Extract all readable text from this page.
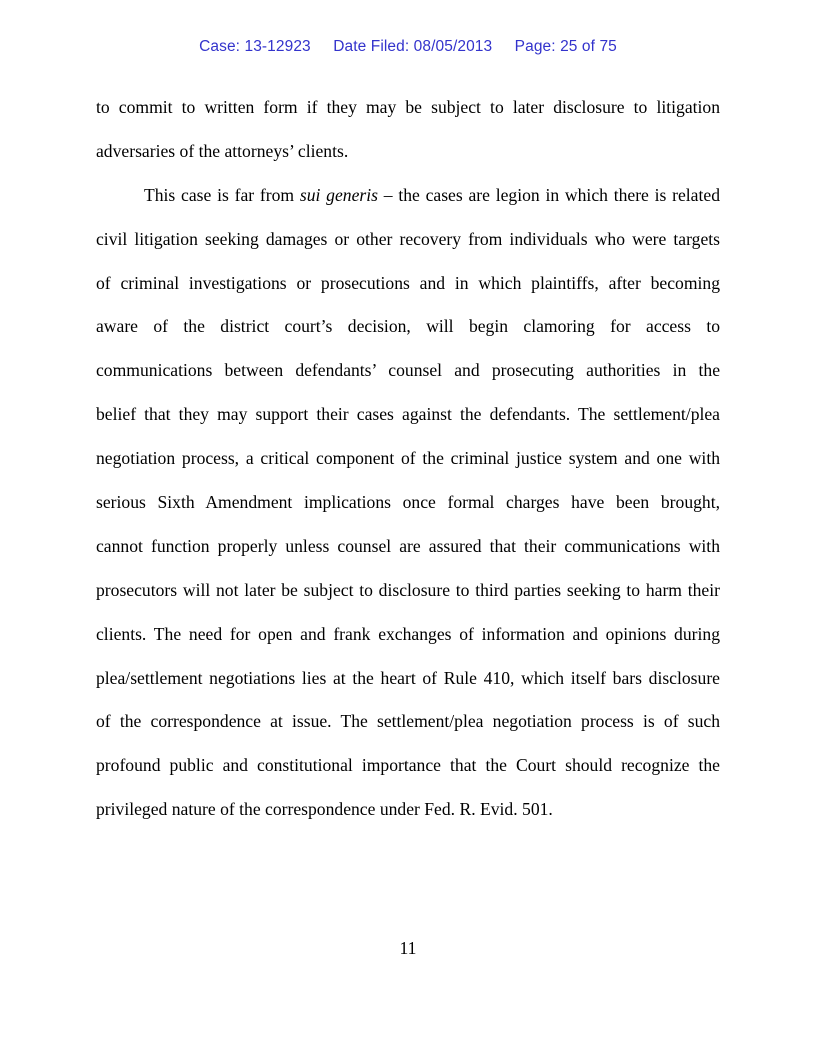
Case: 13-12923 Date Filed: 08/05/2013 Page: 25 of 75
to commit to written form if they may be subject to later disclosure to litigation
adversaries of the attorneys’ clients.
This case is far from sui generis – the cases are legion in which there is related
civil litigation seeking damages or other recovery from individuals who were targets
of criminal investigations or prosecutions and in which plaintiffs, after becoming
aware of the district court’s decision, will begin clamoring for access to
communications between defendants’ counsel and prosecuting authorities in the
belief that they may support their cases against the defendants. The settlement/plea
negotiation process, a critical component of the criminal justice system and one with
serious Sixth Amendment implications once formal charges have been brought,
cannot function properly unless counsel are assured that their communications with
prosecutors will not later be subject to disclosure to third parties seeking to harm their
clients. The need for open and frank exchanges of information and opinions during
plea/settlement negotiations lies at the heart of Rule 410, which itself bars disclosure
of the correspondence at issue. The settlement/plea negotiation process is of such
profound public and constitutional importance that the Court should recognize the
privileged nature of the correspondence under Fed. R. Evid. 501.
11
